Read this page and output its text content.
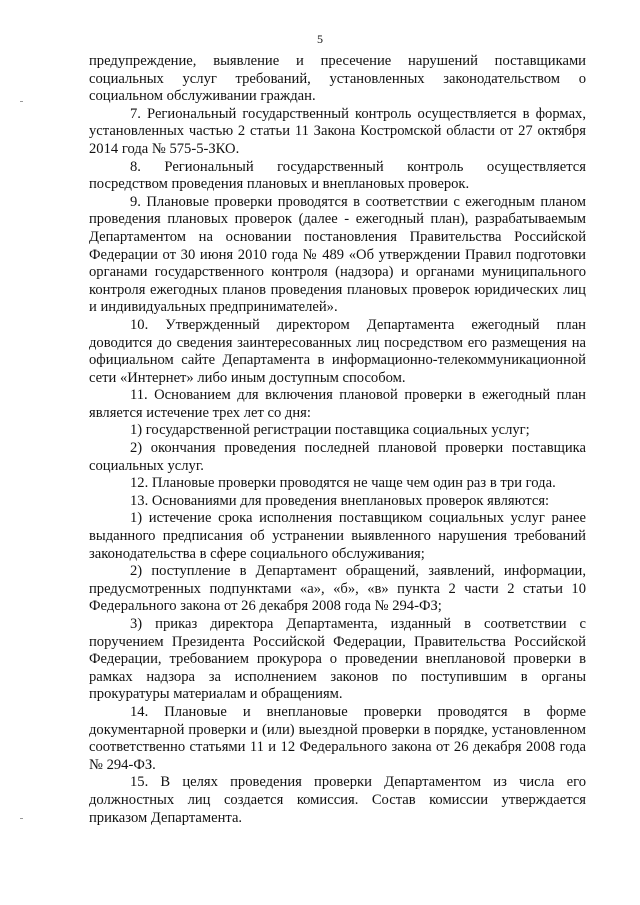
5

предупреждение, выявление и пресечение нарушений поставщиками социальных услуг требований, установленных законодательством о социальном обслуживании граждан.

7. Региональный государственный контроль осуществляется в формах, установленных частью 2 статьи 11 Закона Костромской области от 27 октября 2014 года № 575-5-ЗКО.

8. Региональный государственный контроль осуществляется посредством проведения плановых и внеплановых проверок.

9. Плановые проверки проводятся в соответствии с ежегодным планом проведения плановых проверок (далее - ежегодный план), разрабатываемым Департаментом на основании постановления Правительства Российской Федерации от 30 июня 2010 года № 489 «Об утверждении Правил подготовки органами государственного контроля (надзора) и органами муниципального контроля ежегодных планов проведения плановых проверок юридических лиц и индивидуальных предпринимателей».

10. Утвержденный директором Департамента ежегодный план доводится до сведения заинтересованных лиц посредством его размещения на официальном сайте Департамента в информационно-телекоммуникационной сети «Интернет» либо иным доступным способом.

11. Основанием для включения плановой проверки в ежегодный план является истечение трех лет со дня:

1) государственной регистрации поставщика социальных услуг;

2) окончания проведения последней плановой проверки поставщика социальных услуг.

12. Плановые проверки проводятся не чаще чем один раз в три года.

13. Основаниями для проведения внеплановых проверок являются:

1) истечение срока исполнения поставщиком социальных услуг ранее выданного предписания об устранении выявленного нарушения требований законодательства в сфере социального обслуживания;

2) поступление в Департамент обращений, заявлений, информации, предусмотренных подпунктами «а», «б», «в» пункта 2 части 2 статьи 10 Федерального закона от 26 декабря 2008 года № 294-ФЗ;

3) приказ директора Департамента, изданный в соответствии с поручением Президента Российской Федерации, Правительства Российской Федерации, требованием прокурора о проведении внеплановой проверки в рамках надзора за исполнением законов по поступившим в органы прокуратуры материалам и обращениям.

14. Плановые и внеплановые проверки проводятся в форме документарной проверки и (или) выездной проверки в порядке, установленном соответственно статьями 11 и 12 Федерального закона от 26 декабря 2008 года № 294-ФЗ.

15. В целях проведения проверки Департаментом из числа его должностных лиц создается комиссия. Состав комиссии утверждается приказом Департамента.
